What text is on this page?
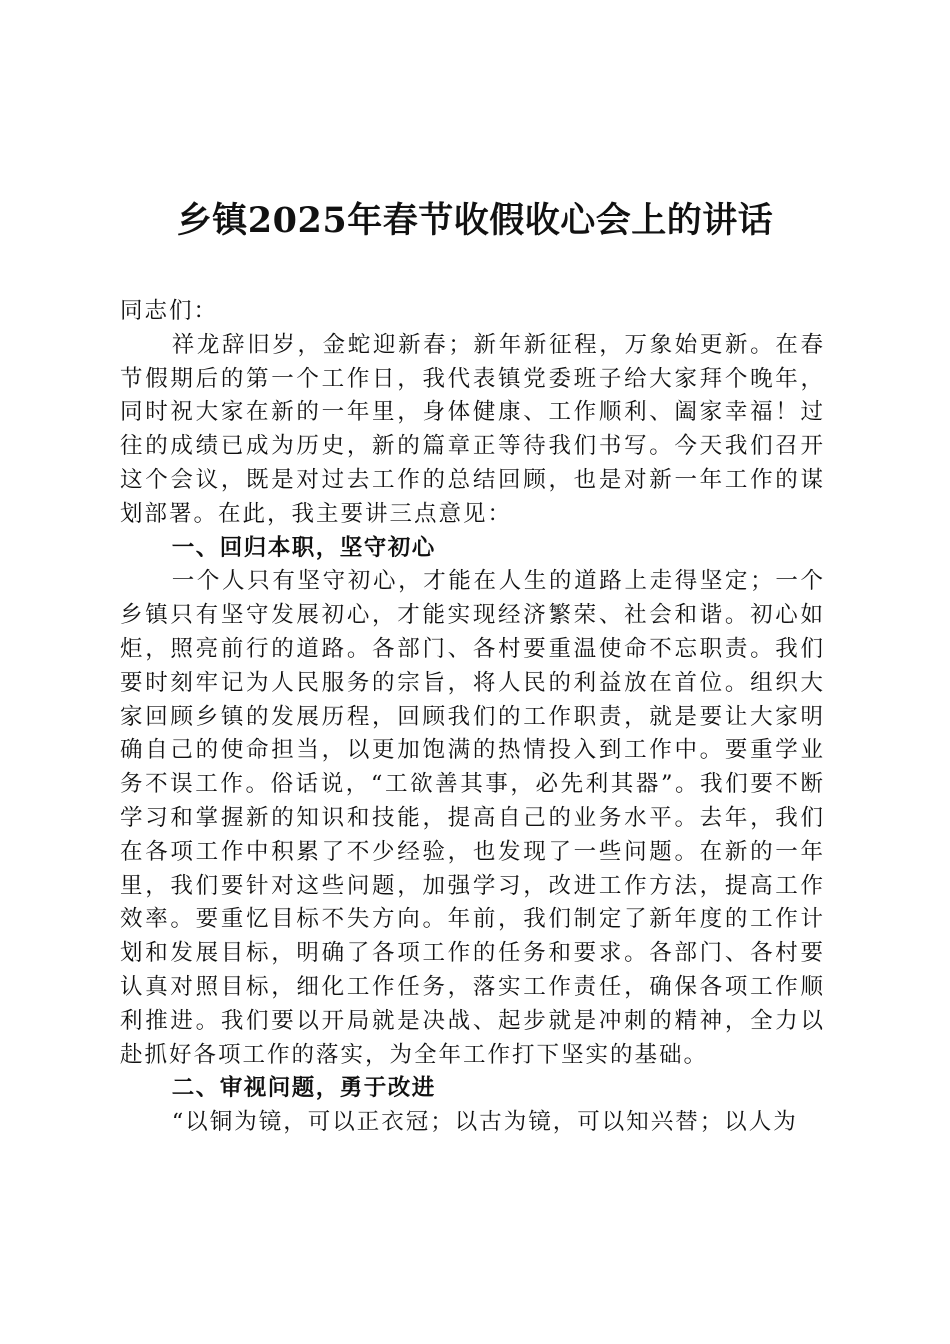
乡镇2025年春节收假收心会上的讲话

同志们：

祥龙辞旧岁，金蛇迎新春；新年新征程，万象始更新。在春节假期后的第一个工作日，我代表镇党委班子给大家拜个晚年，同时祝大家在新的一年里，身体健康、工作顺利、阖家幸福！过往的成绩已成为历史，新的篇章正等待我们书写。今天我们召开这个会议，既是对过去工作的总结回顾，也是对新一年工作的谋划部署。在此，我主要讲三点意见：

一、回归本职，坚守初心

一个人只有坚守初心，才能在人生的道路上走得坚定；一个乡镇只有坚守发展初心，才能实现经济繁荣、社会和谐。初心如炬，照亮前行的道路。各部门、各村要重温使命不忘职责。我们要时刻牢记为人民服务的宗旨，将人民的利益放在首位。组织大家回顾乡镇的发展历程，回顾我们的工作职责，就是要让大家明确自己的使命担当，以更加饱满的热情投入到工作中。要重学业务不误工作。俗话说，“工欲善其事，必先利其器”。我们要不断学习和掌握新的知识和技能，提高自己的业务水平。去年，我们在各项工作中积累了不少经验，也发现了一些问题。在新的一年里，我们要针对这些问题，加强学习，改进工作方法，提高工作效率。要重忆目标不失方向。年前，我们制定了新年度的工作计划和发展目标，明确了各项工作的任务和要求。各部门、各村要认真对照目标，细化工作任务，落实工作责任，确保各项工作顺利推进。我们要以开局就是决战、起步就是冲刺的精神，全力以赴抓好各项工作的落实，为全年工作打下坚实的基础。

二、审视问题，勇于改进

“以铜为镜，可以正衣冠；以古为镜，可以知兴替；以人为
